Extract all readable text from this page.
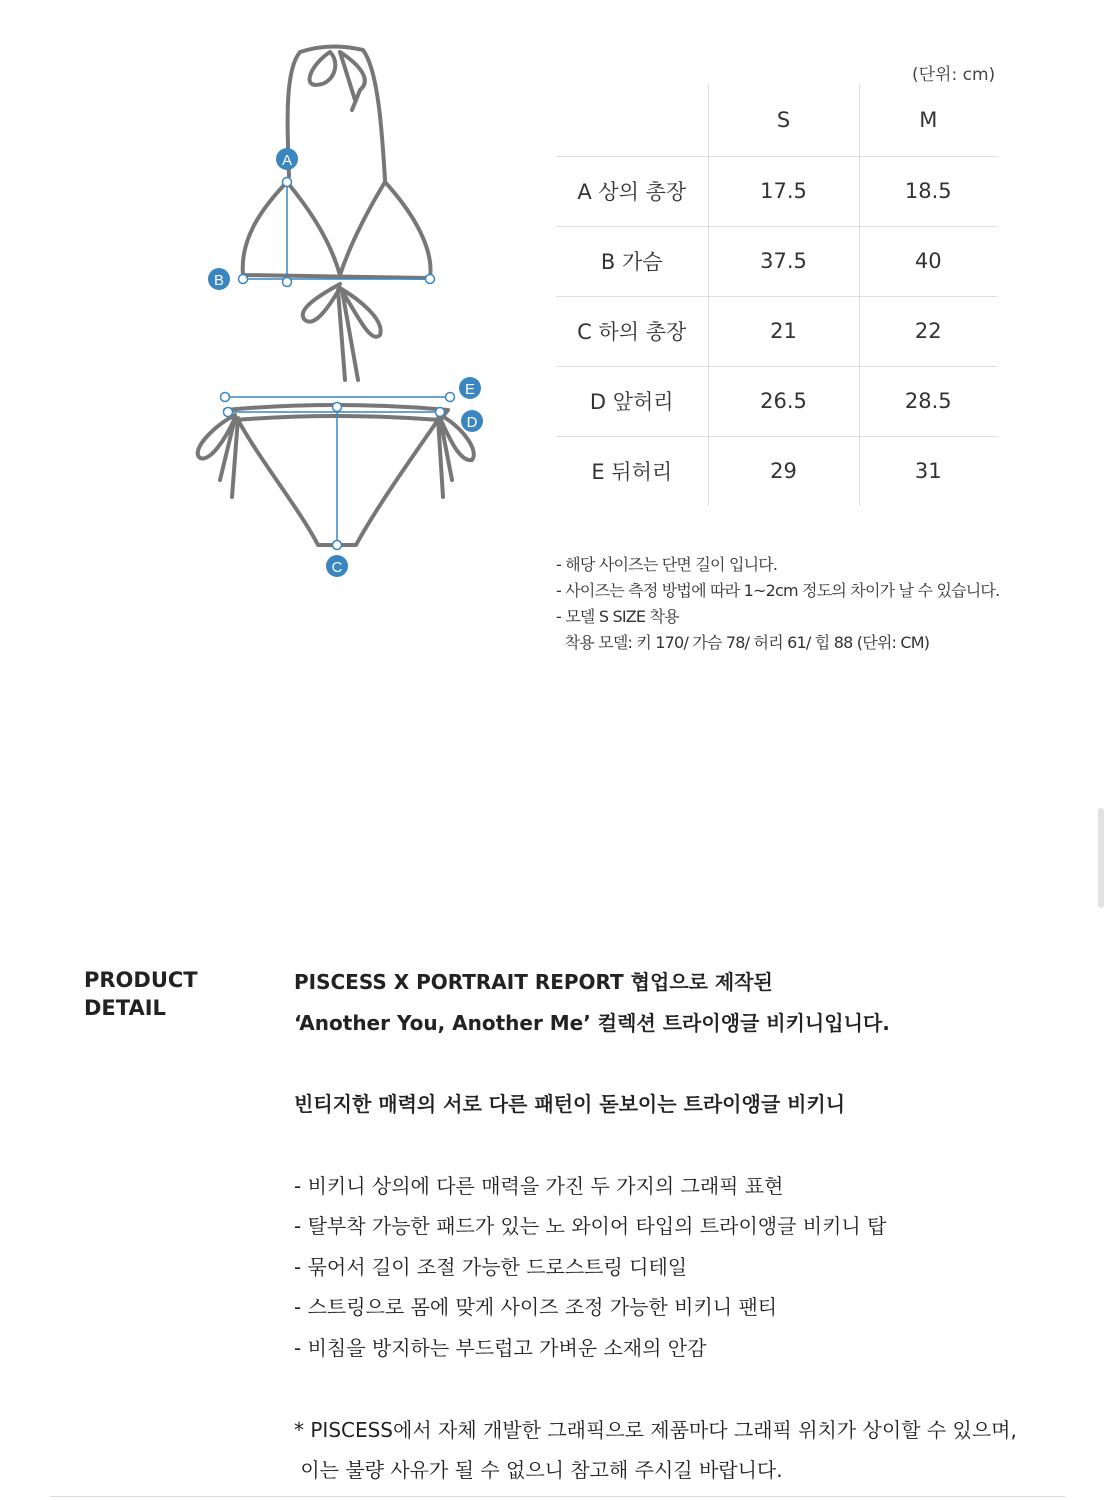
A
B
C
D
E
(단위: cm)
	S	M
A 상의 총장	17.5	18.5
B 가슴	37.5	40
C 하의 총장	21	22
D 앞허리	26.5	28.5
E 뒤허리	29	31
- 해당 사이즈는 단면 길이 입니다.
- 사이즈는 측정 방법에 따라 1~2cm 정도의 차이가 날 수 있습니다.
- 모델 S SIZE 착용
착용 모델: 키 170/ 가슴 78/ 허리 61/ 힙 88 (단위: CM)
PRODUCT
DETAIL
PISCESS X PORTRAIT REPORT 협업으로 제작된
‘Another You, Another Me’ 컬렉션 트라이앵글 비키니입니다.
빈티지한 매력의 서로 다른 패턴이 돋보이는 트라이앵글 비키니
- 비키니 상의에 다른 매력을 가진 두 가지의 그래픽 표현
- 탈부착 가능한 패드가 있는 노 와이어 타입의 트라이앵글 비키니 탑
- 묶어서 길이 조절 가능한 드로스트링 디테일
- 스트링으로 몸에 맞게 사이즈 조정 가능한 비키니 팬티
- 비침을 방지하는 부드럽고 가벼운 소재의 안감
* PISCESS에서 자체 개발한 그래픽으로 제품마다 그래픽 위치가 상이할 수 있으며,
이는 불량 사유가 될 수 없으니 참고해 주시길 바랍니다.
